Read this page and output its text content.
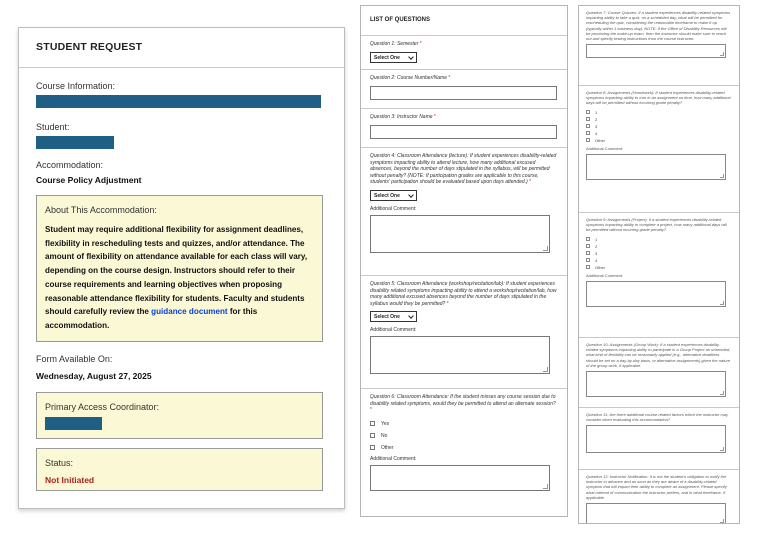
STUDENT REQUEST
Course Information:
Student:
Accommodation:
Course Policy Adjustment
About This Accommodation:
Student may require additional flexibility for assignment deadlines, flexibility in rescheduling tests and quizzes, and/or attendance. The amount of flexibility on attendance available for each class will vary, depending on the course design. Instructors should refer to their course requirements and learning objectives when proposing reasonable attendance flexibility for students. Faculty and students should carefully review the guidance document for this accommodation.
Form Available On:
Wednesday, August 27, 2025
Primary Access Coordinator:
Status:
Not Initiated
LIST OF QUESTIONS
Question 1: Semester *
Select One
Question 2: Course Number/Name *
Question 3: Instructor Name *
Question 4: Classroom Attendance (lecture): If student experiences disability-related symptoms impacting ability to attend lecture, how many additional excused absences, beyond the number of days stipulated in the syllabus, will be permitted without penalty? (NOTE: If participation grades are applicable to this course, students' participation should be evaluated based upon days attended.) *
Select One
Additional Comment:
Question 5: Classroom Attendance (workshop/recitation/lab): If student experiences disability related symptoms impacting ability to attend a workshop/recitation/lab, how many additional excused absences beyond the number of days stipulated in the syllabus would they be permitted? *
Select One
Additional Comment:
Question 6: Classroom Attendance: If the student misses any course session due to disability related symptoms, would they be permitted to attend an alternate session? *
Yes
No
Other
Additional Comment:
Question 7: Course Quizzes: If a student experiences disability-related symptoms impacting ability to take a quiz, on a scheduled day, what will be permitted for rescheduling the quiz, considering the reasonable timeframe to make it up (typically within 1 business day). NOTE: If the Office of Disability Resources will be proctoring the make-up exam, then the instructor should make sure to reach out and specify testing instructions from the course instructor.
Question 8: Assignments (Homework): If student experiences disability-related symptoms impacting ability to turn in an assignment on time, how many additional days will be permitted without incurring grade penalty?
1
2
3
4
Other
Additional Comment:
Question 9: Assignments (Project): If a student experiences disability-related symptoms impacting ability to complete a project, how many additional days will be permitted without incurring grade penalty?
1
2
3
4
Other
Additional Comment:
Question 10: Assignments (Group Work): If a student experiences disability-related symptoms impacting ability to participate in a Group Project as scheduled, what kind of flexibility can be reasonably applied (e.g., alternative deadlines should be set on a day-by-day basis, or alternative assignments) given the nature of the group work, if applicable.
Question 11: Are there additional course-related factors which the instructor may consider when evaluating this accommodation?
Question 12: Instructor Notification: It is not the student's obligation to notify the instructor in advance and as soon as they are aware of a disability-related symptom that will impact their ability to complete an assignment. Please specify what method of communication the instructor prefers, and in what timeframe, if applicable.
